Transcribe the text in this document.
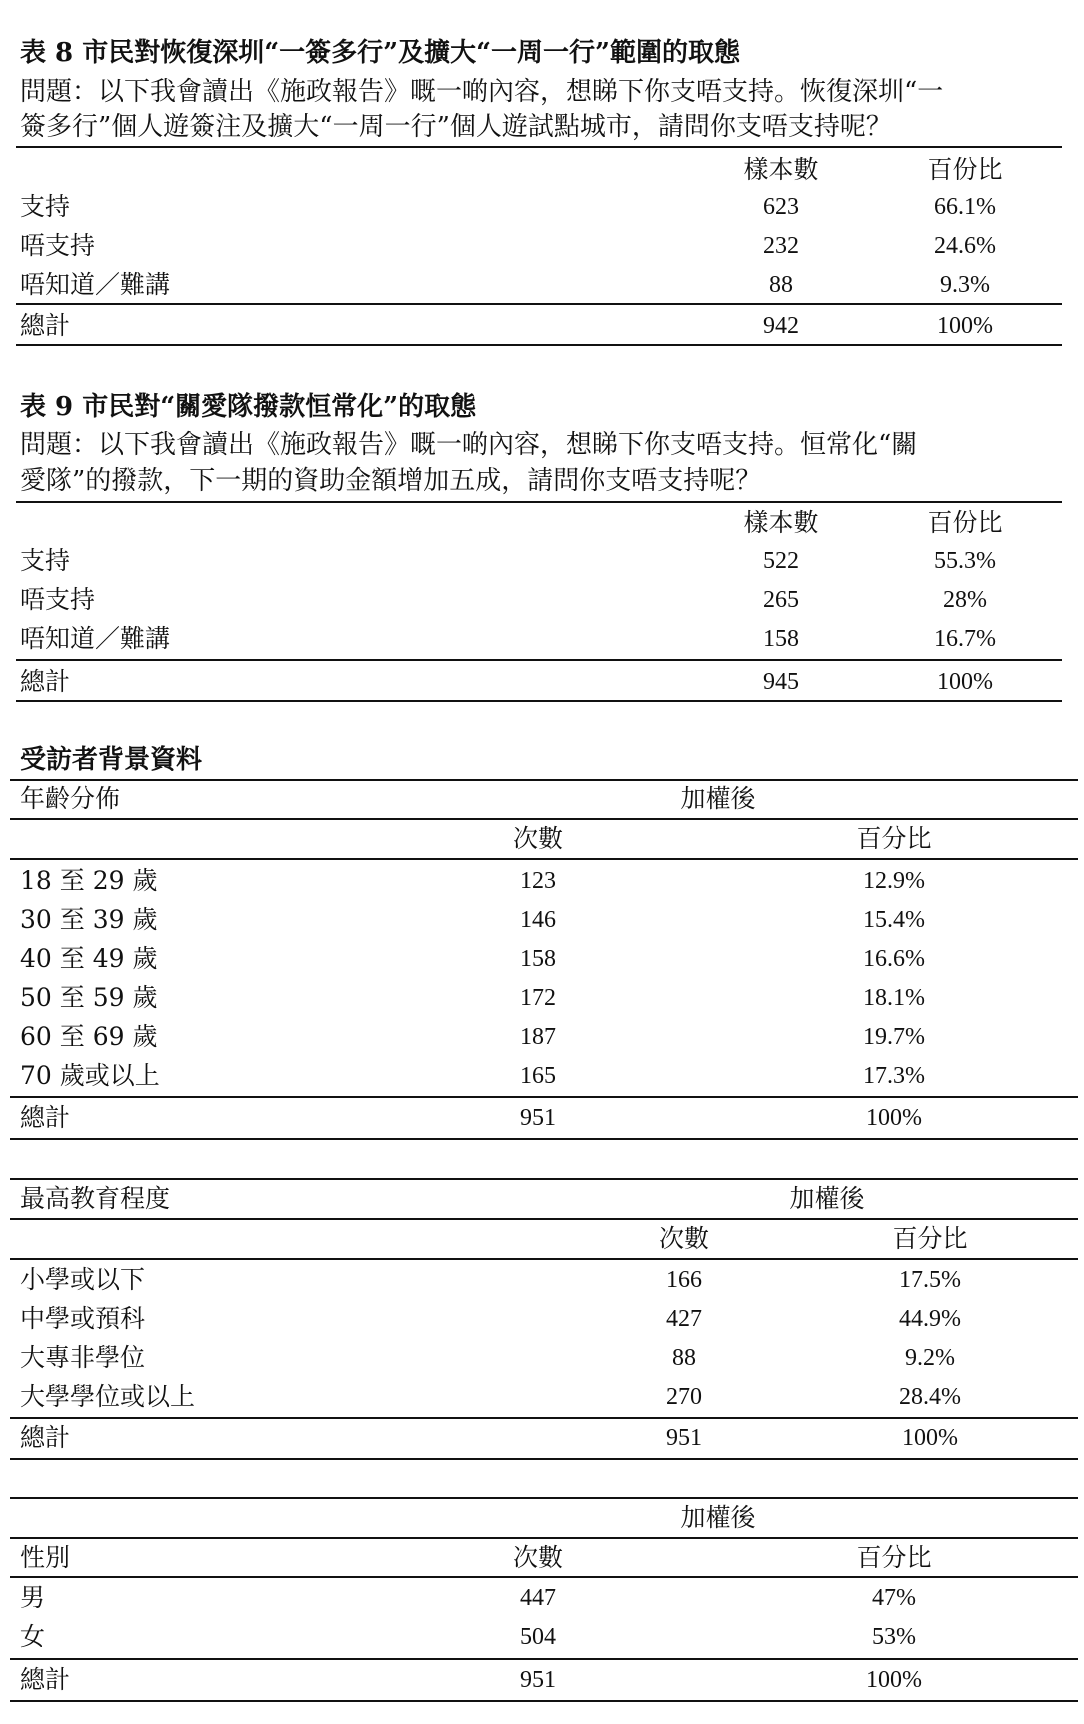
表 8 市民對恢復深圳“一簽多行”及擴大“一周一行”範圍的取態
問題：以下我會讀出《施政報告》嘅一啲內容，想睇下你支唔支持。恢復深圳“一
簽多行”個人遊簽注及擴大“一周一行”個人遊試點城市，請問你支唔支持呢？
樣本數	百份比
支持	623	66.1%
唔支持	232	24.6%
唔知道／難講	88	9.3%
總計	942	100%
表 9 市民對“關愛隊撥款恒常化”的取態
問題：以下我會讀出《施政報告》嘅一啲內容，想睇下你支唔支持。恒常化“關
愛隊”的撥款，下一期的資助金額增加五成，請問你支唔支持呢？
樣本數	百份比
支持	522	55.3%
唔支持	265	28%
唔知道／難講	158	16.7%
總計	945	100%
受訪者背景資料
年齡分佈	加權後
次數	百分比
18 至 29 歲	123	12.9%
30 至 39 歲	146	15.4%
40 至 49 歲	158	16.6%
50 至 59 歲	172	18.1%
60 至 69 歲	187	19.7%
70 歲或以上	165	17.3%
總計	951	100%
最高教育程度	加權後
次數	百分比
小學或以下	166	17.5%
中學或預科	427	44.9%
大專非學位	88	9.2%
大學學位或以上	270	28.4%
總計	951	100%
加權後
性別	次數	百分比
男	447	47%
女	504	53%
總計	951	100%
